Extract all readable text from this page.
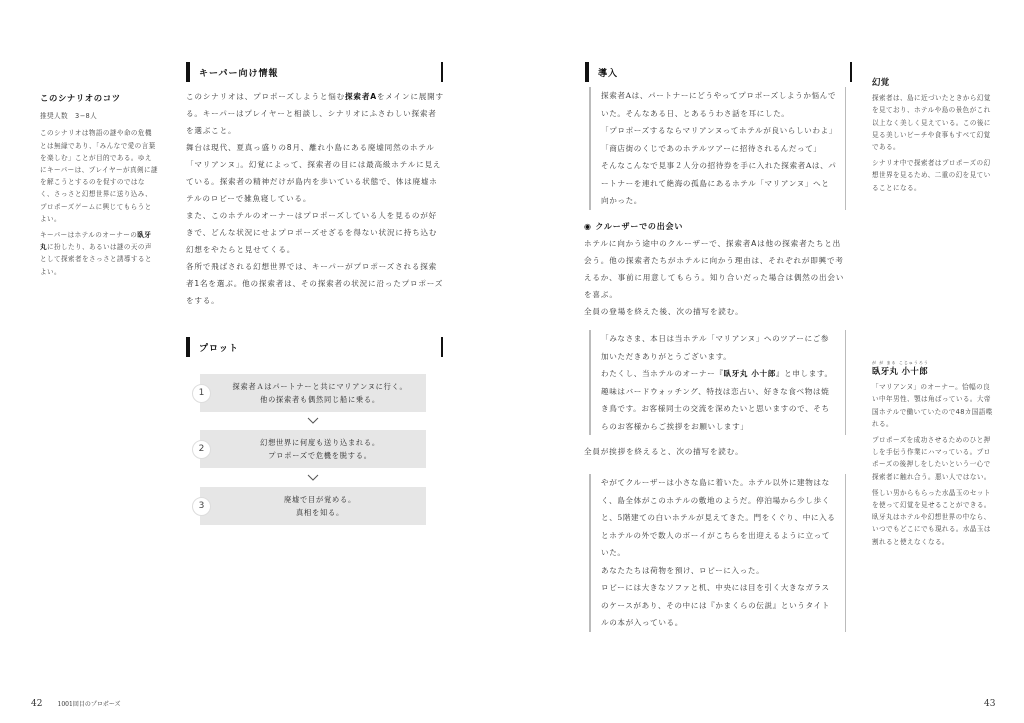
このシナリオのコツ

推奨人数　3−8人

このシナリオは物語の謎や命の危機とは無縁であり、「みんなで愛の言葉を楽しむ」ことが目的である。ゆえにキーパーは、プレイヤーが真剣に謎を解こうとするのを促すのではなく、さっさと幻想世界に送り込み、プロポーズゲームに興じてもらうとよい。

キーパーはホテルのオーナーの臥牙丸に扮したり、あるいは謎の天の声として探索者をさっさと誘導するとよい。

キーパー向け情報
このシナリオは、プロポーズしようと悩む探索者Aをメインに展開する。キーパーはプレイヤーと相談し、シナリオにふさわしい探索者を選ぶこと。
舞台は現代、夏真っ盛りの8月、離れ小島にある廃墟同然のホテル「マリアンヌ」。幻覚によって、探索者の目には最高級ホテルに見えている。探索者の精神だけが島内を歩いている状態で、体は廃墟ホテルのロビーで雑魚寝している。
また、このホテルのオーナーはプロポーズしている人を見るのが好きで、どんな状況にせよプロポーズせざるを得ない状況に持ち込む幻想をやたらと見せてくる。
各所で飛ばされる幻想世界では、キーパーがプロポーズされる探索者1名を選ぶ。他の探索者は、その探索者の状況に沿ったプロポーズをする。
プロット
1
探索者Ａはパートナーと共にマリアンヌに行く。
他の探索者も偶然同じ船に乗る。
2
幻想世界に何度も送り込まれる。
プロポーズで危機を脱する。
3
廃墟で目が覚める。
真相を知る。
42	1001回目のプロポーズ
導入
探索者Aは、パートナーにどうやってプロポーズしようか悩んでいた。そんなある日、とあるうわさ話を耳にした。
「プロポーズするならマリアンヌってホテルが良いらしいわよ」
「商店街のくじであのホテルツアーに招待されるんだって」
そんなこんなで見事２人分の招待券を手に入れた探索者Aは、パートナーを連れて絶海の孤島にあるホテル「マリアンヌ」へと向かった。
◉ クルーザーでの出会い
ホテルに向かう途中のクルーザーで、探索者Aは他の探索者たちと出会う。他の探索者たちがホテルに向かう理由は、それぞれが即興で考えるか、事前に用意してもらう。知り合いだった場合は偶然の出会いを喜ぶ。
全員の登場を終えた後、次の描写を読む。
「みなさま、本日は当ホテル「マリアンヌ」へのツアーにご参加いただきありがとうございます。
わたくし、当ホテルのオーナー『臥牙丸 小十郎』と申します。趣味はバードウォッチング、特技は恋占い、好きな食べ物は焼き鳥です。お客様同士の交流を深めたいと思いますので、そちらのお客様からご挨拶をお願いします」
全員が挨拶を終えると、次の描写を読む。
やがてクルーザーは小さな島に着いた。ホテル以外に建物はなく、島全体がこのホテルの敷地のようだ。停泊場から少し歩くと、5階建ての白いホテルが見えてきた。門をくぐり、中に入るとホテルの外で数人のボーイがこちらを出迎えるように立っていた。
あなたたちは荷物を預け、ロビーに入った。
ロビーには大きなソファと机、中央には目を引く大きなガラスのケースがあり、その中には『かまくらの伝説』というタイトルの本が入っている。
幻覚

探索者は、島に近づいたときから幻覚を見ており、ホテルや島の景色がこれ以上なく美しく見えている。この後に見る美しいビーチや食事もすべて幻覚である。

シナリオ中で探索者はプロポーズの幻想世界を見るため、二重の幻を見ていることになる。

が が まる こじゅうろう
臥牙丸 小十郎

「マリアンヌ」のオーナー。恰幅の良い中年男性、顎は角ばっている。大帝国ホテルで働いていたので48カ国語喋れる。

プロポーズを成功させるためのひと押しを手伝う作業にハマっている。プロポーズの後押しをしたいという一心で探索者に触れ合う。悪い人ではない。

怪しい男からもらった水晶玉のセットを使って幻覚を見せることができる。臥牙丸はホテルや幻想世界の中なら、いつでもどこにでも現れる。水晶玉は割れると使えなくなる。

43
